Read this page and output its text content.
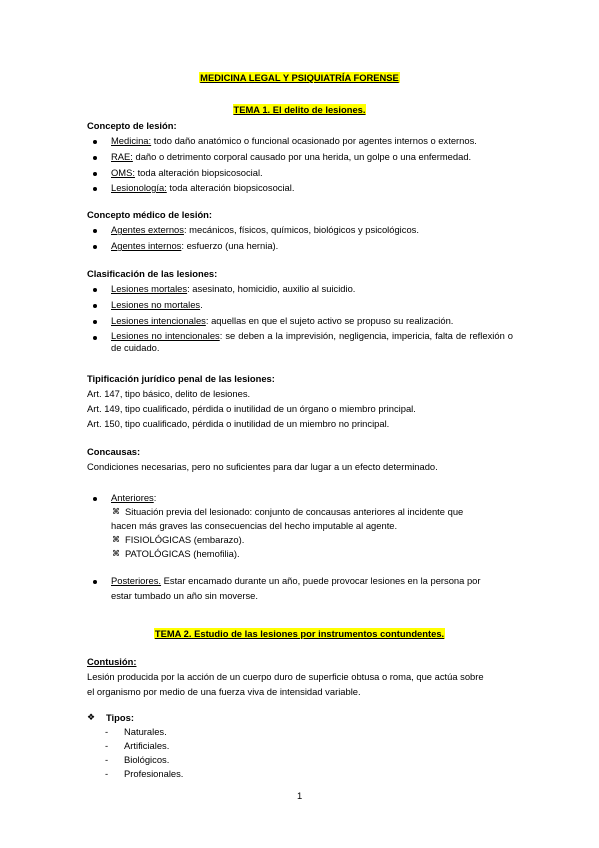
MEDICINA LEGAL Y PSIQUIATRÍA FORENSE
TEMA 1. El delito de lesiones.
Concepto de lesión:
Medicina: todo daño anatómico o funcional ocasionado por agentes internos o externos.
RAE: daño o detrimento corporal causado por una herida, un golpe o una enfermedad.
OMS: toda alteración biopsicosocial.
Lesionología: toda alteración biopsicosocial.
Concepto médico de lesión:
Agentes externos: mecánicos, físicos, químicos, biológicos y psicológicos.
Agentes internos: esfuerzo (una hernia).
Clasificación de las lesiones:
Lesiones mortales: asesinato, homicidio, auxilio al suicidio.
Lesiones no mortales.
Lesiones intencionales: aquellas en que el sujeto activo se propuso su realización.
Lesiones no intencionales: se deben a la imprevisión, negligencia, impericia, falta de reflexión o de cuidado.
Tipificación jurídico penal de las lesiones:
Art. 147, tipo básico, delito de lesiones.
Art. 149, tipo cualificado, pérdida o inutilidad de un órgano o miembro principal.
Art. 150, tipo cualificado, pérdida o inutilidad de un miembro no principal.
Concausas:
Condiciones necesarias, pero no suficientes para dar lugar a un efecto determinado.
Anteriores:
⌘ Situación previa del lesionado: conjunto de concausas anteriores al incidente que
hacen más graves las consecuencias del hecho imputable al agente.
⌘ FISIOLÓGICAS (embarazo).
⌘ PATOLÓGICAS (hemofilia).
Posteriores. Estar encamado durante un año, puede provocar lesiones en la persona por
estar tumbado un año sin moverse.
TEMA 2. Estudio de las lesiones por instrumentos contundentes.
Contusión:
Lesión producida por la acción de un cuerpo duro de superficie obtusa o roma, que actúa sobre
el organismo por medio de una fuerza viva de intensidad variable.
❖ Tipos:
- Naturales.
- Artificiales.
- Biológicos.
- Profesionales.
1
